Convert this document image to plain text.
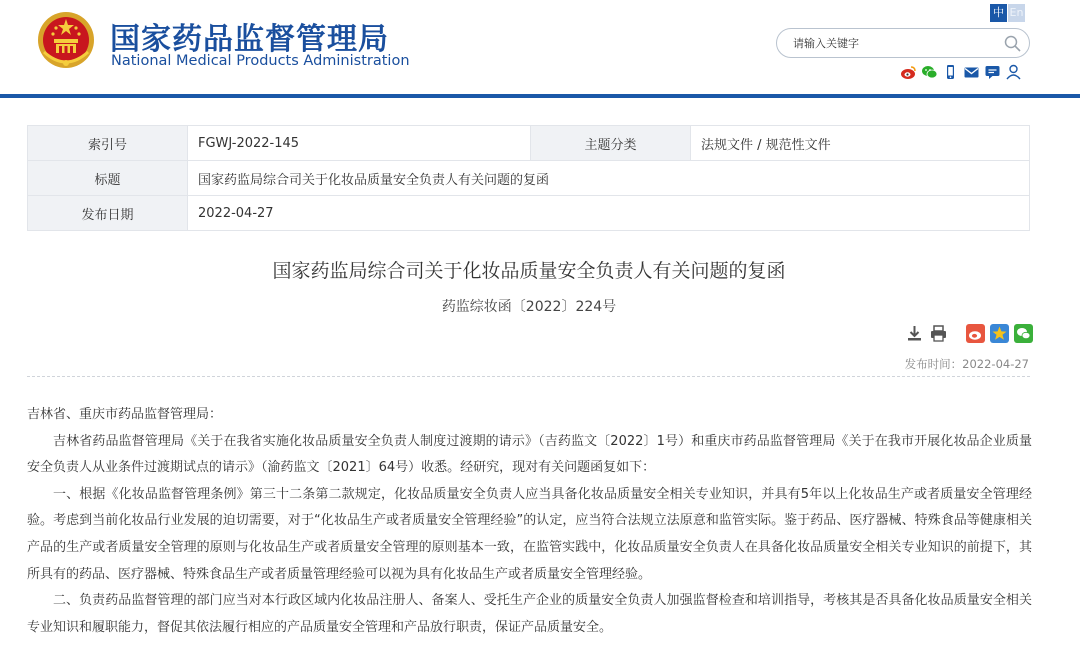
国家药品监督管理局
National Medical Products Administration
中 En
请输入关键字
索引号	FGWJ-2022-145	主题分类	法规文件 / 规范性文件
标题	国家药监局综合司关于化妆品质量安全负责人有关问题的复函		
发布日期	2022-04-27		
国家药监局综合司关于化妆品质量安全负责人有关问题的复函
药监综妆函〔2022〕224号
发布时间：2022-04-27

吉林省、重庆市药品监督管理局：

吉林省药品监督管理局《关于在我省实施化妆品质量安全负责人制度过渡期的请示》（吉药监文〔2022〕1号）和重庆市药品监督管理局《关于在我市开展化妆品企业质量安全负责人从业条件过渡期试点的请示》（渝药监文〔2021〕64号）收悉。经研究，现对有关问题函复如下：

一、根据《化妆品监督管理条例》第三十二条第二款规定，化妆品质量安全负责人应当具备化妆品质量安全相关专业知识，并具有5年以上化妆品生产或者质量安全管理经验。考虑到当前化妆品行业发展的迫切需要，对于“化妆品生产或者质量安全管理经验”的认定，应当符合法规立法原意和监管实际。鉴于药品、医疗器械、特殊食品等健康相关产品的生产或者质量安全管理的原则与化妆品生产或者质量安全管理的原则基本一致，在监管实践中，化妆品质量安全负责人在具备化妆品质量安全相关专业知识的前提下，其所具有的药品、医疗器械、特殊食品生产或者质量管理经验可以视为具有化妆品生产或者质量安全管理经验。

二、负责药品监督管理的部门应当对本行政区域内化妆品注册人、备案人、受托生产企业的质量安全负责人加强监督检查和培训指导，考核其是否具备化妆品质量安全相关专业知识和履职能力，督促其依法履行相应的产品质量安全管理和产品放行职责，保证产品质量安全。
